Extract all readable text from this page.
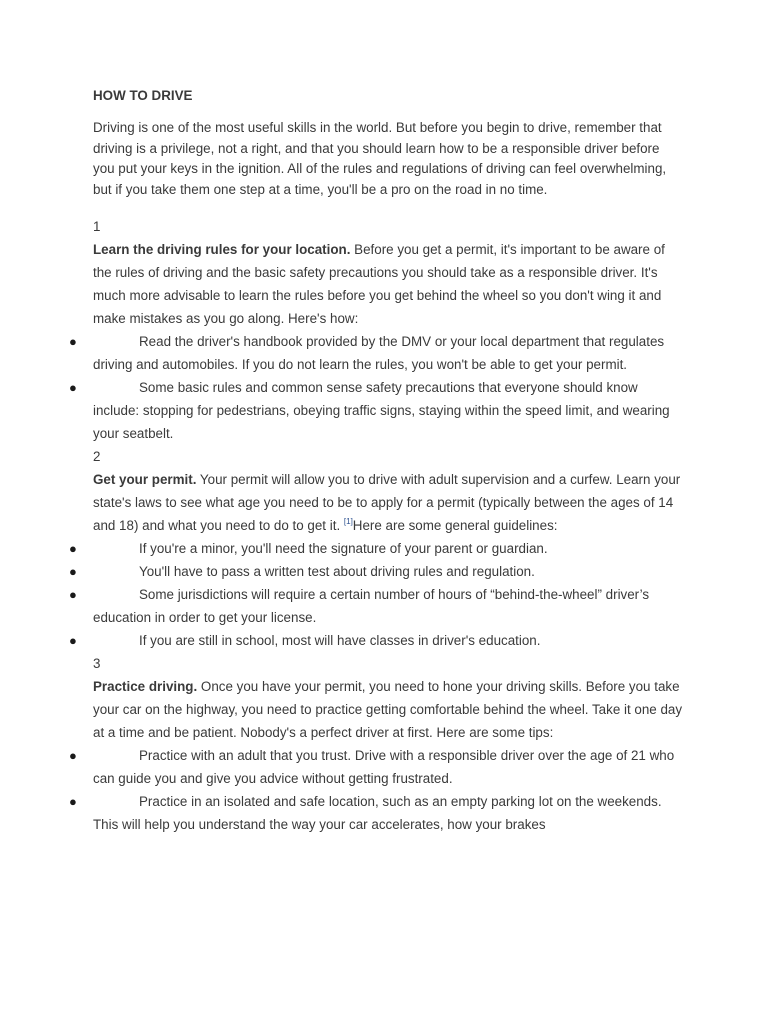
HOW TO DRIVE

Driving is one of the most useful skills in the world. But before you begin to drive, remember that driving is a privilege, not a right, and that you should learn how to be a responsible driver before you put your keys in the ignition. All of the rules and regulations of driving can feel overwhelming, but if you take them one step at a time, you'll be a pro on the road in no time.

1
Learn the driving rules for your location. Before you get a permit, it's important to be aware of the rules of driving and the basic safety precautions you should take as a responsible driver. It's much more advisable to learn the rules before you get behind the wheel so you don't wing it and make mistakes as you go along. Here's how:
●	Read the driver's handbook provided by the DMV or your local department that regulates driving and automobiles. If you do not learn the rules, you won't be able to get your permit.
●	Some basic rules and common sense safety precautions that everyone should know include: stopping for pedestrians, obeying traffic signs, staying within the speed limit, and wearing your seatbelt.
2
Get your permit. Your permit will allow you to drive with adult supervision and a curfew. Learn your state's laws to see what age you need to be to apply for a permit (typically between the ages of 14 and 18) and what you need to do to get it. [1]Here are some general guidelines:
●	If you're a minor, you'll need the signature of your parent or guardian.
●	You'll have to pass a written test about driving rules and regulation.
●	Some jurisdictions will require a certain number of hours of “behind-the-wheel” driver’s education in order to get your license.
●	If you are still in school, most will have classes in driver's education.
3
Practice driving. Once you have your permit, you need to hone your driving skills. Before you take your car on the highway, you need to practice getting comfortable behind the wheel. Take it one day at a time and be patient. Nobody's a perfect driver at first. Here are some tips:
●	Practice with an adult that you trust. Drive with a responsible driver over the age of 21 who can guide you and give you advice without getting frustrated.
●	Practice in an isolated and safe location, such as an empty parking lot on the weekends. This will help you understand the way your car accelerates, how your brakes
